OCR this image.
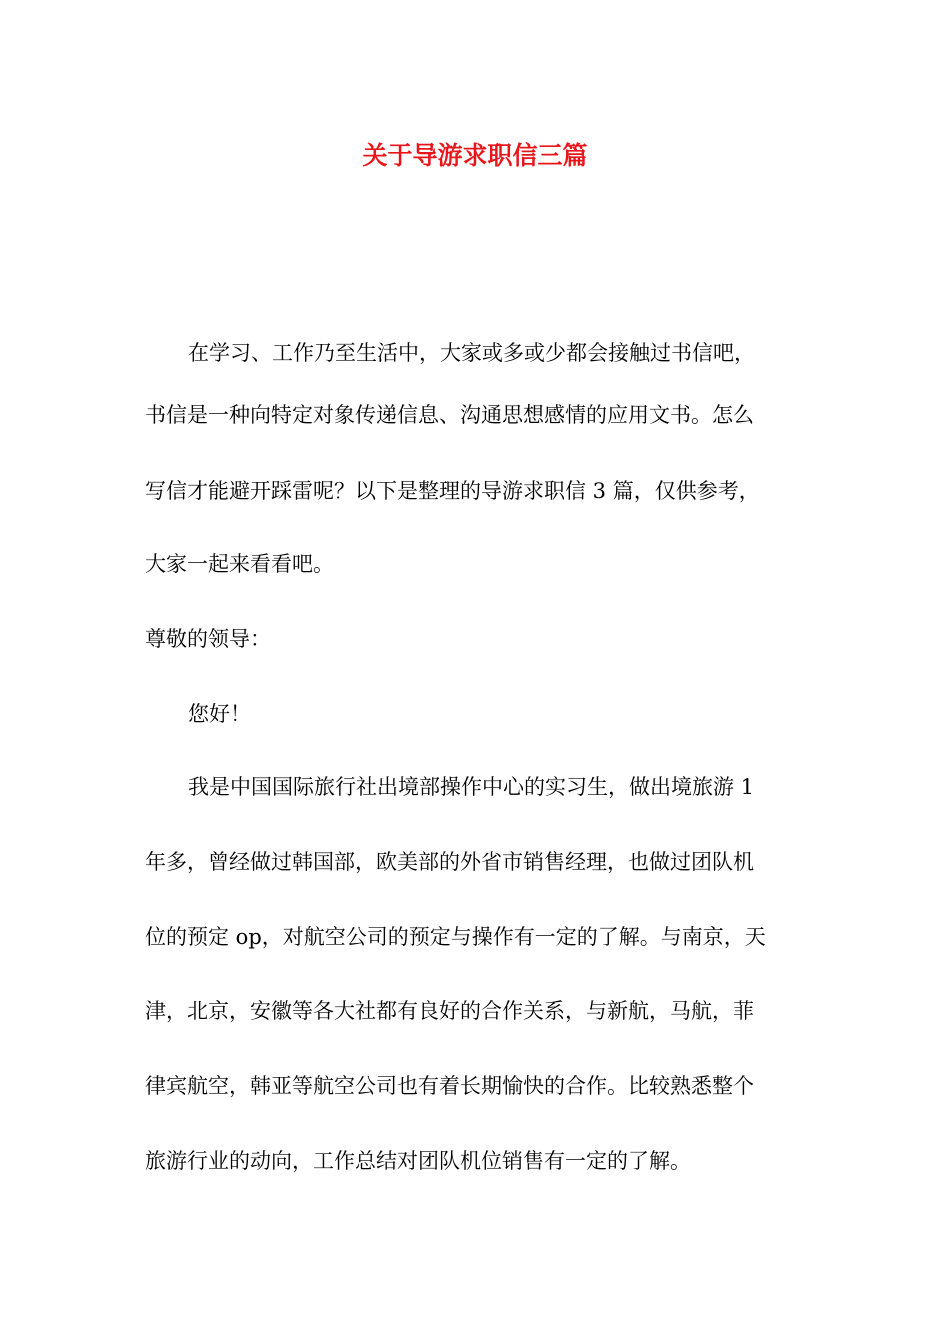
关于导游求职信三篇

在学习、工作乃至生活中，大家或多或少都会接触过书信吧，

书信是一种向特定对象传递信息、沟通思想感情的应用文书。怎么

写信才能避开踩雷呢？以下是整理的导游求职信 3 篇，仅供参考，

大家一起来看看吧。

尊敬的领导：

您好！

我是中国国际旅行社出境部操作中心的实习生，做出境旅游 1

年多，曾经做过韩国部，欧美部的外省市销售经理，也做过团队机

位的预定 op，对航空公司的预定与操作有一定的了解。与南京，天

津，北京，安徽等各大社都有良好的合作关系，与新航，马航，菲

律宾航空，韩亚等航空公司也有着长期愉快的合作。比较熟悉整个

旅游行业的动向，工作总结对团队机位销售有一定的了解。
